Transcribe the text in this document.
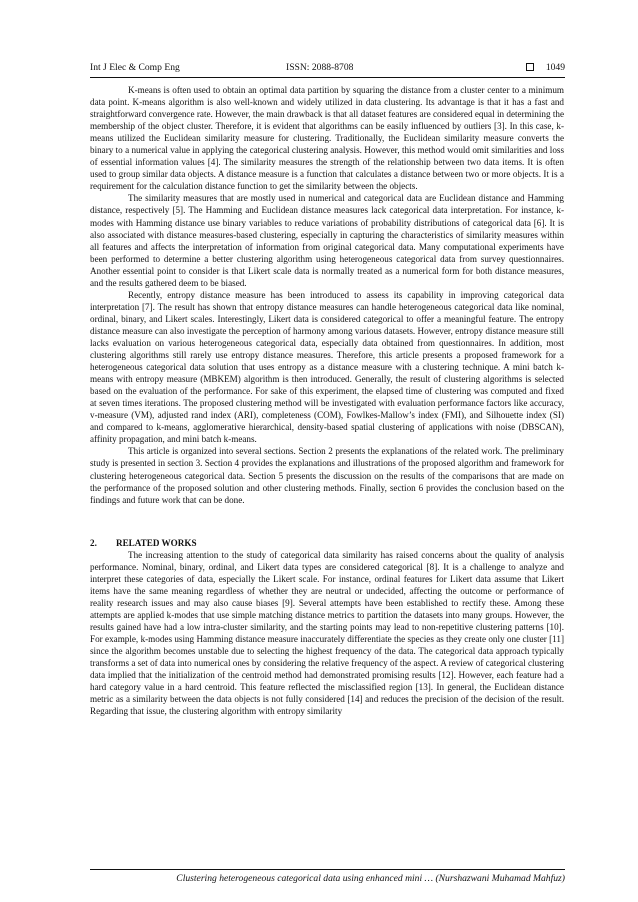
Int J Elec & Comp Eng	ISSN: 2088-8708	1049

K-means is often used to obtain an optimal data partition by squaring the distance from a cluster center to a minimum data point. K-means algorithm is also well-known and widely utilized in data clustering. Its advantage is that it has a fast and straightforward convergence rate. However, the main drawback is that all dataset features are considered equal in determining the membership of the object cluster. Therefore, it is evident that algorithms can be easily influenced by outliers [3]. In this case, k-means utilized the Euclidean similarity measure for clustering. Traditionally, the Euclidean similarity measure converts the binary to a numerical value in applying the categorical clustering analysis. However, this method would omit similarities and loss of essential information values [4]. The similarity measures the strength of the relationship between two data items. It is often used to group similar data objects. A distance measure is a function that calculates a distance between two or more objects. It is a requirement for the calculation distance function to get the similarity between the objects.

The similarity measures that are mostly used in numerical and categorical data are Euclidean distance and Hamming distance, respectively [5]. The Hamming and Euclidean distance measures lack categorical data interpretation. For instance, k-modes with Hamming distance use binary variables to reduce variations of probability distributions of categorical data [6]. It is also associated with distance measures-based clustering, especially in capturing the characteristics of similarity measures within all features and affects the interpretation of information from original categorical data. Many computational experiments have been performed to determine a better clustering algorithm using heterogeneous categorical data from survey questionnaires. Another essential point to consider is that Likert scale data is normally treated as a numerical form for both distance measures, and the results gathered deem to be biased.

Recently, entropy distance measure has been introduced to assess its capability in improving categorical data interpretation [7]. The result has shown that entropy distance measures can handle heterogeneous categorical data like nominal, ordinal, binary, and Likert scales. Interestingly, Likert data is considered categorical to offer a meaningful feature. The entropy distance measure can also investigate the perception of harmony among various datasets. However, entropy distance measure still lacks evaluation on various heterogeneous categorical data, especially data obtained from questionnaires. In addition, most clustering algorithms still rarely use entropy distance measures. Therefore, this article presents a proposed framework for a heterogeneous categorical data solution that uses entropy as a distance measure with a clustering technique. A mini batch k-means with entropy measure (MBKEM) algorithm is then introduced. Generally, the result of clustering algorithms is selected based on the evaluation of the performance. For sake of this experiment, the elapsed time of clustering was computed and fixed at seven times iterations. The proposed clustering method will be investigated with evaluation performance factors like accuracy, v-measure (VM), adjusted rand index (ARI), completeness (COM), Fowlkes-Mallow’s index (FMI), and Silhouette index (SI) and compared to k-means, agglomerative hierarchical, density-based spatial clustering of applications with noise (DBSCAN), affinity propagation, and mini batch k-means.

This article is organized into several sections. Section 2 presents the explanations of the related work. The preliminary study is presented in section 3. Section 4 provides the explanations and illustrations of the proposed algorithm and framework for clustering heterogeneous categorical data. Section 5 presents the discussion on the results of the comparisons that are made on the performance of the proposed solution and other clustering methods. Finally, section 6 provides the conclusion based on the findings and future work that can be done.

2. RELATED WORKS

The increasing attention to the study of categorical data similarity has raised concerns about the quality of analysis performance. Nominal, binary, ordinal, and Likert data types are considered categorical [8]. It is a challenge to analyze and interpret these categories of data, especially the Likert scale. For instance, ordinal features for Likert data assume that Likert items have the same meaning regardless of whether they are neutral or undecided, affecting the outcome or performance of reality research issues and may also cause biases [9]. Several attempts have been established to rectify these. Among these attempts are applied k-modes that use simple matching distance metrics to partition the datasets into many groups. However, the results gained have had a low intra-cluster similarity, and the starting points may lead to non-repetitive clustering patterns [10]. For example, k-modes using Hamming distance measure inaccurately differentiate the species as they create only one cluster [11] since the algorithm becomes unstable due to selecting the highest frequency of the data. The categorical data approach typically transforms a set of data into numerical ones by considering the relative frequency of the aspect. A review of categorical clustering data implied that the initialization of the centroid method had demonstrated promising results [12]. However, each feature had a hard category value in a hard centroid. This feature reflected the misclassified region [13]. In general, the Euclidean distance metric as a similarity between the data objects is not fully considered [14] and reduces the precision of the decision of the result. Regarding that issue, the clustering algorithm with entropy similarity

Clustering heterogeneous categorical data using enhanced mini … (Nurshazwani Muhamad Mahfuz)
